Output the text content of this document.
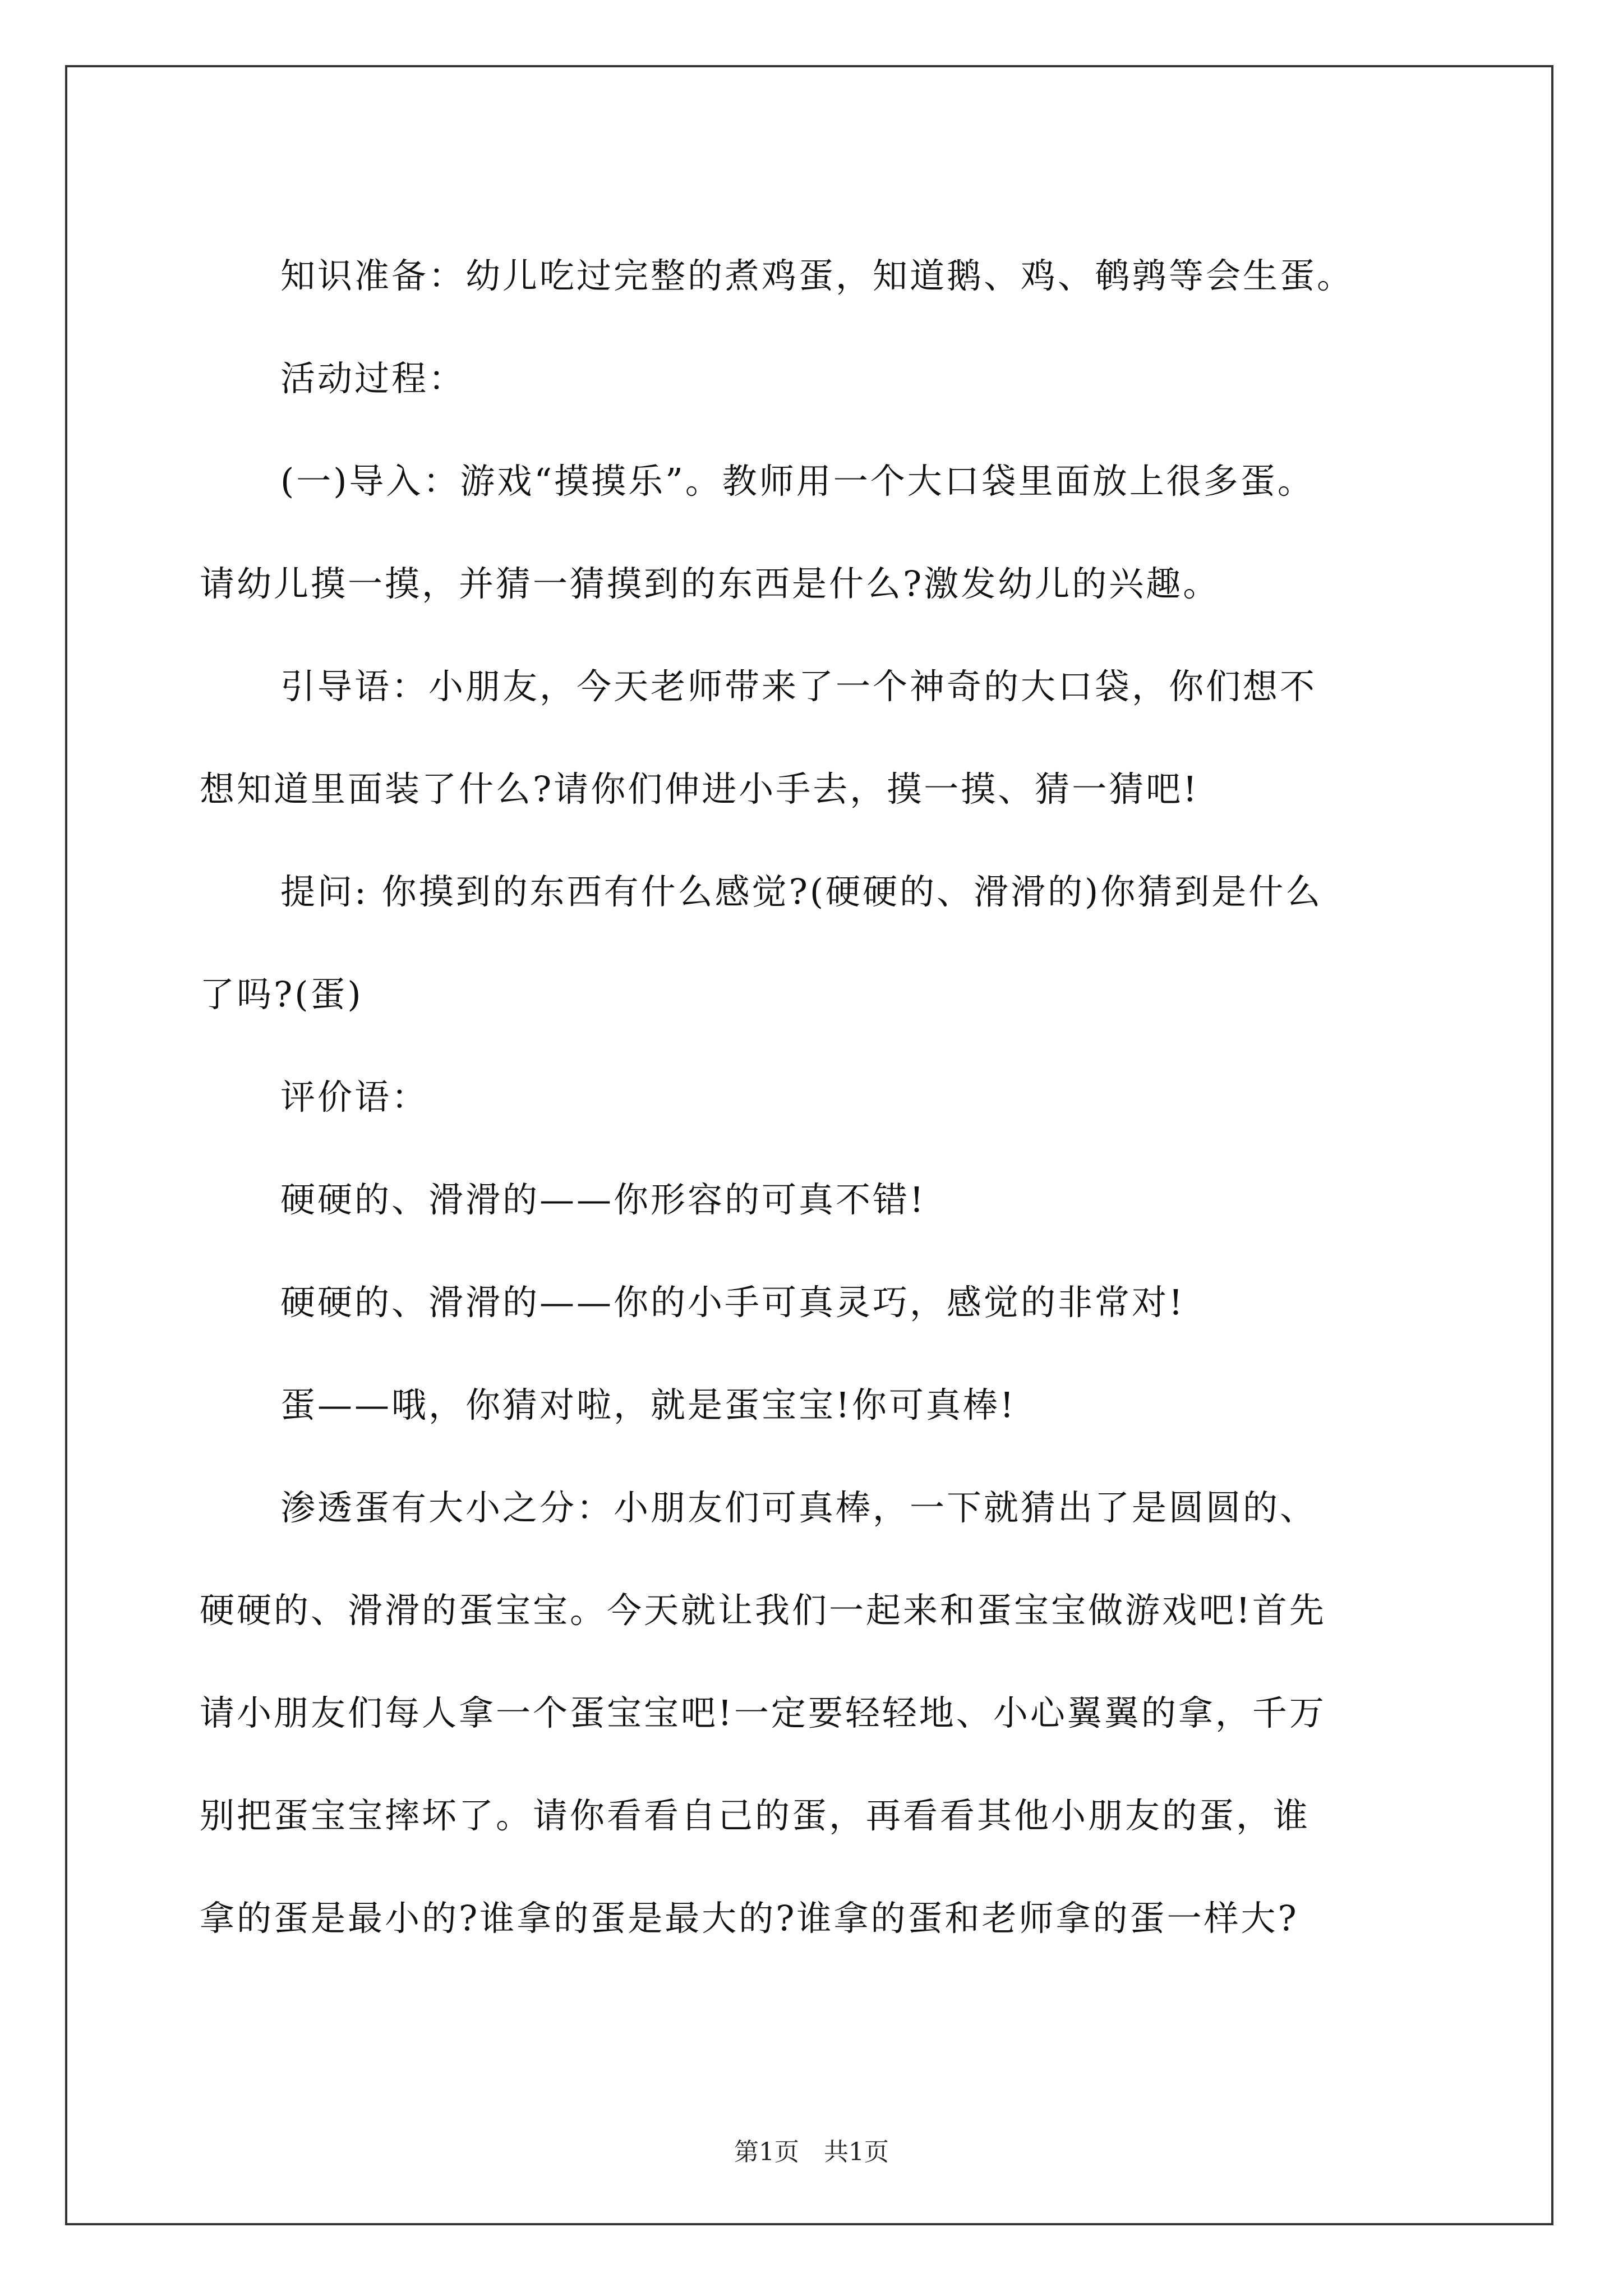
知识准备：幼儿吃过完整的煮鸡蛋，知道鹅、鸡、鹌鹑等会生蛋。

活动过程：

(一)导入：游戏“摸摸乐”。教师用一个大口袋里面放上很多蛋。

请幼儿摸一摸，并猜一猜摸到的东西是什么?激发幼儿的兴趣。

引导语：小朋友，今天老师带来了一个神奇的大口袋，你们想不

想知道里面装了什么?请你们伸进小手去，摸一摸、猜一猜吧!

提问: 你摸到的东西有什么感觉?(硬硬的、滑滑的)你猜到是什么

了吗?(蛋)

评价语：

硬硬的、滑滑的——你形容的可真不错!

硬硬的、滑滑的——你的小手可真灵巧，感觉的非常对!

蛋——哦，你猜对啦，就是蛋宝宝!你可真棒!

渗透蛋有大小之分：小朋友们可真棒，一下就猜出了是圆圆的、

硬硬的、滑滑的蛋宝宝。今天就让我们一起来和蛋宝宝做游戏吧!首先

请小朋友们每人拿一个蛋宝宝吧!一定要轻轻地、小心翼翼的拿，千万

别把蛋宝宝摔坏了。请你看看自己的蛋，再看看其他小朋友的蛋，谁

拿的蛋是最小的?谁拿的蛋是最大的?谁拿的蛋和老师拿的蛋一样大?

第1页　共1页
